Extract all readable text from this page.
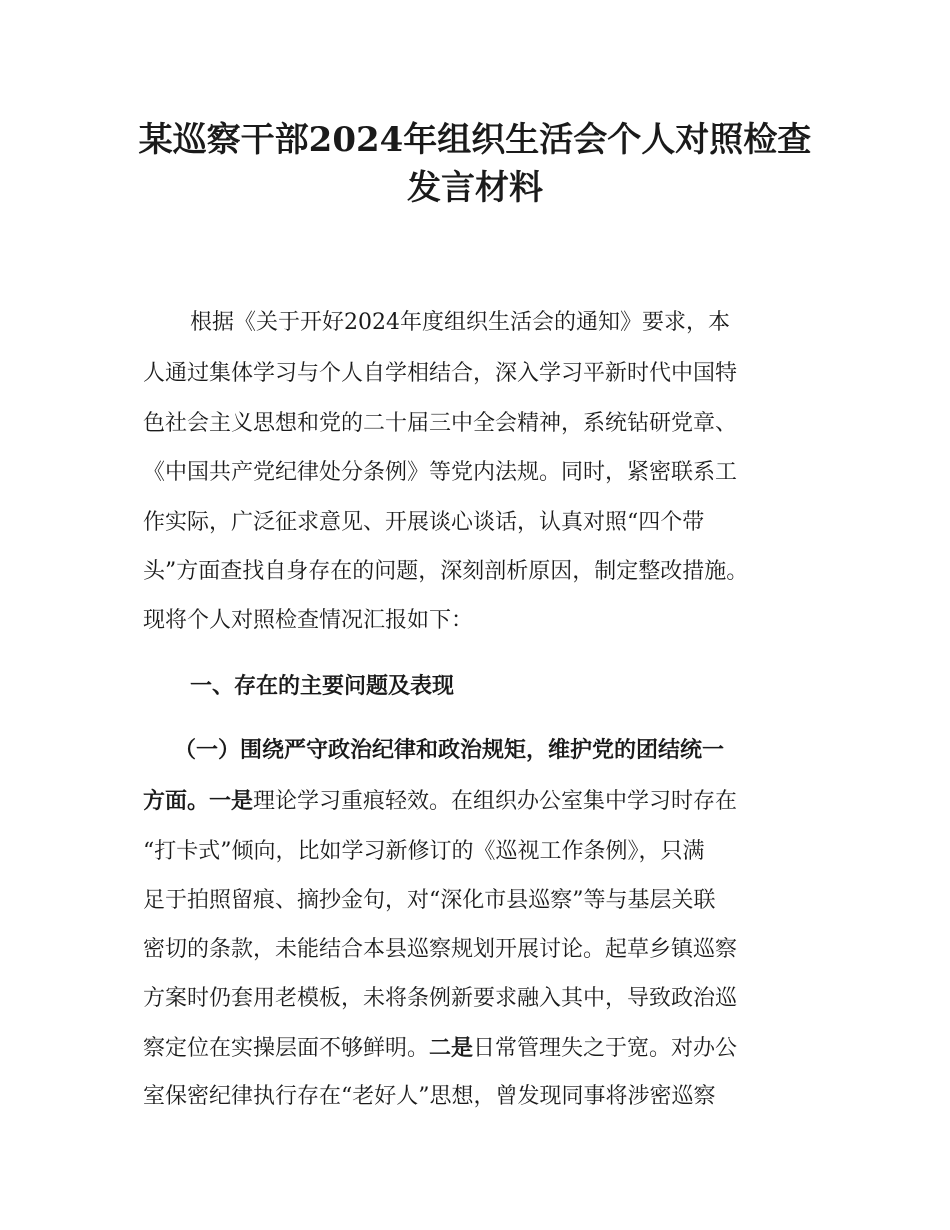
某巡察干部2024年组织生活会个人对照检查
发言材料
根据《关于开好2024年度组织生活会的通知》要求，本
人通过集体学习与个人自学相结合，深入学习平新时代中国特
色社会主义思想和党的二十届三中全会精神，系统钻研党章、
《中国共产党纪律处分条例》等党内法规。同时，紧密联系工
作实际，广泛征求意见、开展谈心谈话，认真对照“四个带
头”方面查找自身存在的问题，深刻剖析原因，制定整改措施。
现将个人对照检查情况汇报如下：
一、存在的主要问题及表现
（一）围绕严守政治纪律和政治规矩，维护党的团结统一
方面。一是理论学习重痕轻效。在组织办公室集中学习时存在
“打卡式”倾向，比如学习新修订的《巡视工作条例》，只满
足于拍照留痕、摘抄金句，对“深化市县巡察”等与基层关联
密切的条款，未能结合本县巡察规划开展讨论。起草乡镇巡察
方案时仍套用老模板，未将条例新要求融入其中，导致政治巡
察定位在实操层面不够鲜明。二是日常管理失之于宽。对办公
室保密纪律执行存在“老好人”思想，曾发现同事将涉密巡察
